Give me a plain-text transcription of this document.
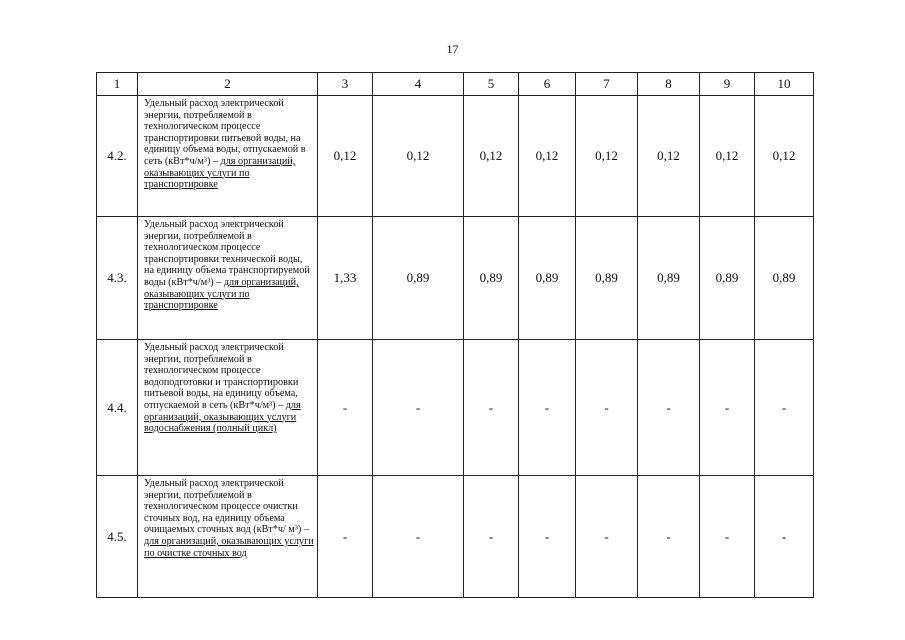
17
1	2	3	4	5	6	7	8	9	10
4.2.	Удельный расход электрической энергии, потребляемой в технологическом процессе транспортировки питьевой воды, на единицу объема воды, отпускаемой в сеть (кВт*ч/м³) – для организаций, оказывающих услуги по транспортировке	0,12	0,12	0,12	0,12	0,12	0,12	0,12	0,12
4.3.	Удельный расход электрической энергии, потребляемой в технологическом процессе транспортировки технической воды, на единицу объема транспортируемой воды (кВт*ч/м³) – для организаций, оказывающих услуги по транспортировке	1,33	0,89	0,89	0,89	0,89	0,89	0,89	0,89
4.4.	Удельный расход электрической энергии, потребляемой в технологическом процессе водоподготовки и транспортировки питьевой воды, на единицу объема, отпускаемой в сеть (кВт*ч/м³) – для организаций, оказывающих услуги водоснабжения (полный цикл)	-	-	-	-	-	-	-	-
4.5.	Удельный расход электрической энергии, потребляемой в технологическом процессе очистки сточных вод, на единицу объема очищаемых сточных вод (кВт*ч/ м³) – для организаций, оказывающих услуги по очистке сточных вод	-	-	-	-	-	-	-	-
